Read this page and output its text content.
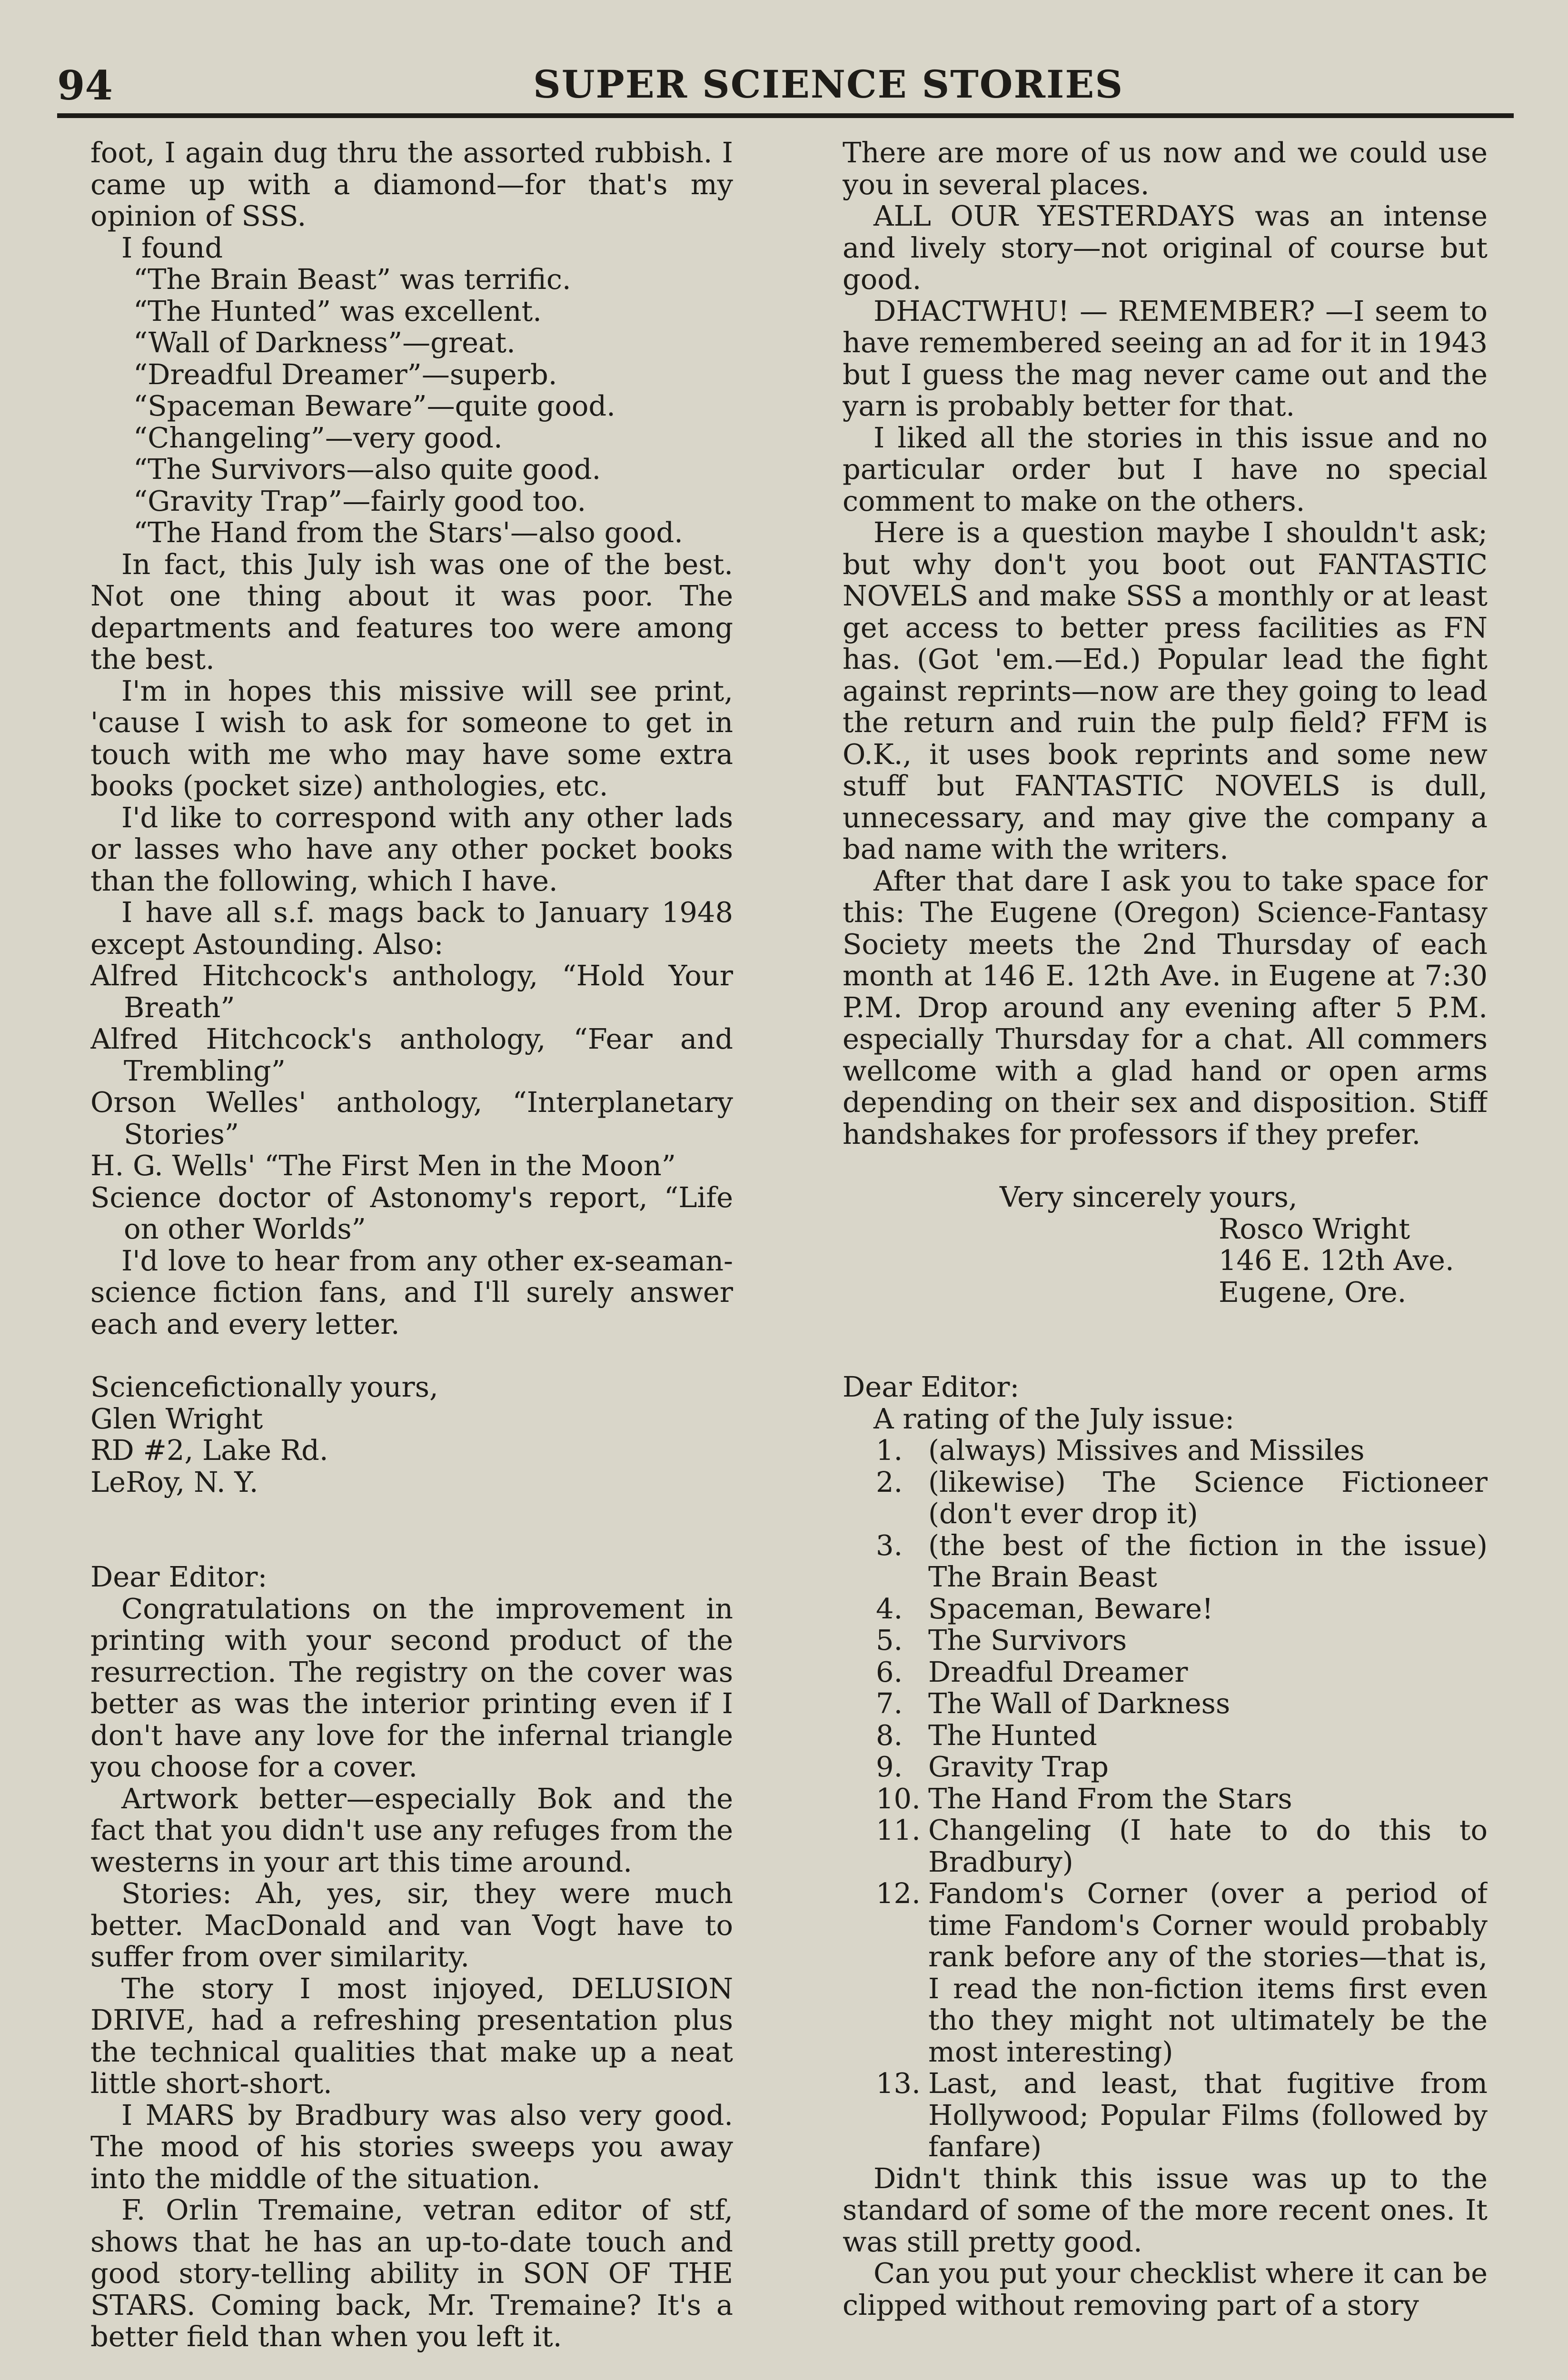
94	SUPER SCIENCE STORIES

foot, I again dug thru the assorted rubbish. I came up with a diamond—for that's my opinion of SSS.

I found

“The Brain Beast” was terrific.

“The Hunted” was excellent.

“Wall of Darkness”—great.

“Dreadful Dreamer”—superb.

“Spaceman Beware”—quite good.

“Changeling”—very good.

“The Survivors—also quite good.

“Gravity Trap”—fairly good too.

“The Hand from the Stars'—also good.

In fact, this July ish was one of the best. Not one thing about it was poor. The departments and features too were among the best.

I'm in hopes this missive will see print, 'cause I wish to ask for someone to get in touch with me who may have some extra books (pocket size) anthologies, etc.

I'd like to correspond with any other lads or lasses who have any other pocket books than the following, which I have.

I have all s.f. mags back to January 1948 except Astounding. Also:

Alfred Hitchcock's anthology, “Hold Your Breath”

Alfred Hitchcock's anthology, “Fear and Trembling”

Orson Welles' anthology, “Interplanetary Stories”

H. G. Wells' “The First Men in the Moon”

Science doctor of Astonomy's report, “Life on other Worlds”

I'd love to hear from any other ex-seaman-science fiction fans, and I'll surely answer each and every letter.

Sciencefictionally yours,

Glen Wright

RD #2, Lake Rd.

LeRoy, N. Y.

Dear Editor:

Congratulations on the improvement in printing with your second product of the resurrection. The registry on the cover was better as was the interior printing even if I don't have any love for the infernal triangle you choose for a cover.

Artwork better—especially Bok and the fact that you didn't use any refuges from the westerns in your art this time around.

Stories: Ah, yes, sir, they were much better. MacDonald and van Vogt have to suffer from over similarity.

The story I most injoyed, DELUSION DRIVE, had a refreshing presentation plus the technical qualities that make up a neat little short-short.

I MARS by Bradbury was also very good. The mood of his stories sweeps you away into the middle of the situation.

F. Orlin Tremaine, vetran editor of stf, shows that he has an up-to-date touch and good story-telling ability in SON OF THE STARS. Coming back, Mr. Tremaine? It's a better field than when you left it.

There are more of us now and we could use you in several places.

ALL OUR YESTERDAYS was an intense and lively story—not original of course but good.

DHACTWHU! — REMEMBER? —I seem to have remembered seeing an ad for it in 1943 but I guess the mag never came out and the yarn is probably better for that.

I liked all the stories in this issue and no particular order but I have no special comment to make on the others.

Here is a question maybe I shouldn't ask; but why don't you boot out FANTASTIC NOVELS and make SSS a monthly or at least get access to better press facilities as FN has. (Got 'em.—Ed.) Popular lead the fight against reprints—now are they going to lead the return and ruin the pulp field? FFM is O.K., it uses book reprints and some new stuff but FANTASTIC NOVELS is dull, unnecessary, and may give the company a bad name with the writers.

After that dare I ask you to take space for this: The Eugene (Oregon) Science-Fantasy Society meets the 2nd Thursday of each month at 146 E. 12th Ave. in Eugene at 7:30 P.M. Drop around any evening after 5 P.M. especially Thursday for a chat. All commers wellcome with a glad hand or open arms depending on their sex and disposition. Stiff handshakes for professors if they prefer.

Very sincerely yours,

Rosco Wright

146 E. 12th Ave.

Eugene, Ore.

Dear Editor:

A rating of the July issue:

1. (always) Missives and Missiles
2. (likewise) The Science Fictioneer (don't ever drop it)
3. (the best of the fiction in the issue) The Brain Beast
4. Spaceman, Beware!
5. The Survivors
6. Dreadful Dreamer
7. The Wall of Darkness
8. The Hunted
9. Gravity Trap
10. The Hand From the Stars
11. Changeling (I hate to do this to Bradbury)
12. Fandom's Corner (over a period of time Fandom's Corner would probably rank before any of the stories—that is, I read the non-fiction items first even tho they might not ultimately be the most interesting)
13. Last, and least, that fugitive from Hollywood; Popular Films (followed by fanfare)

Didn't think this issue was up to the standard of some of the more recent ones. It was still pretty good.

Can you put your checklist where it can be clipped without removing part of a story
